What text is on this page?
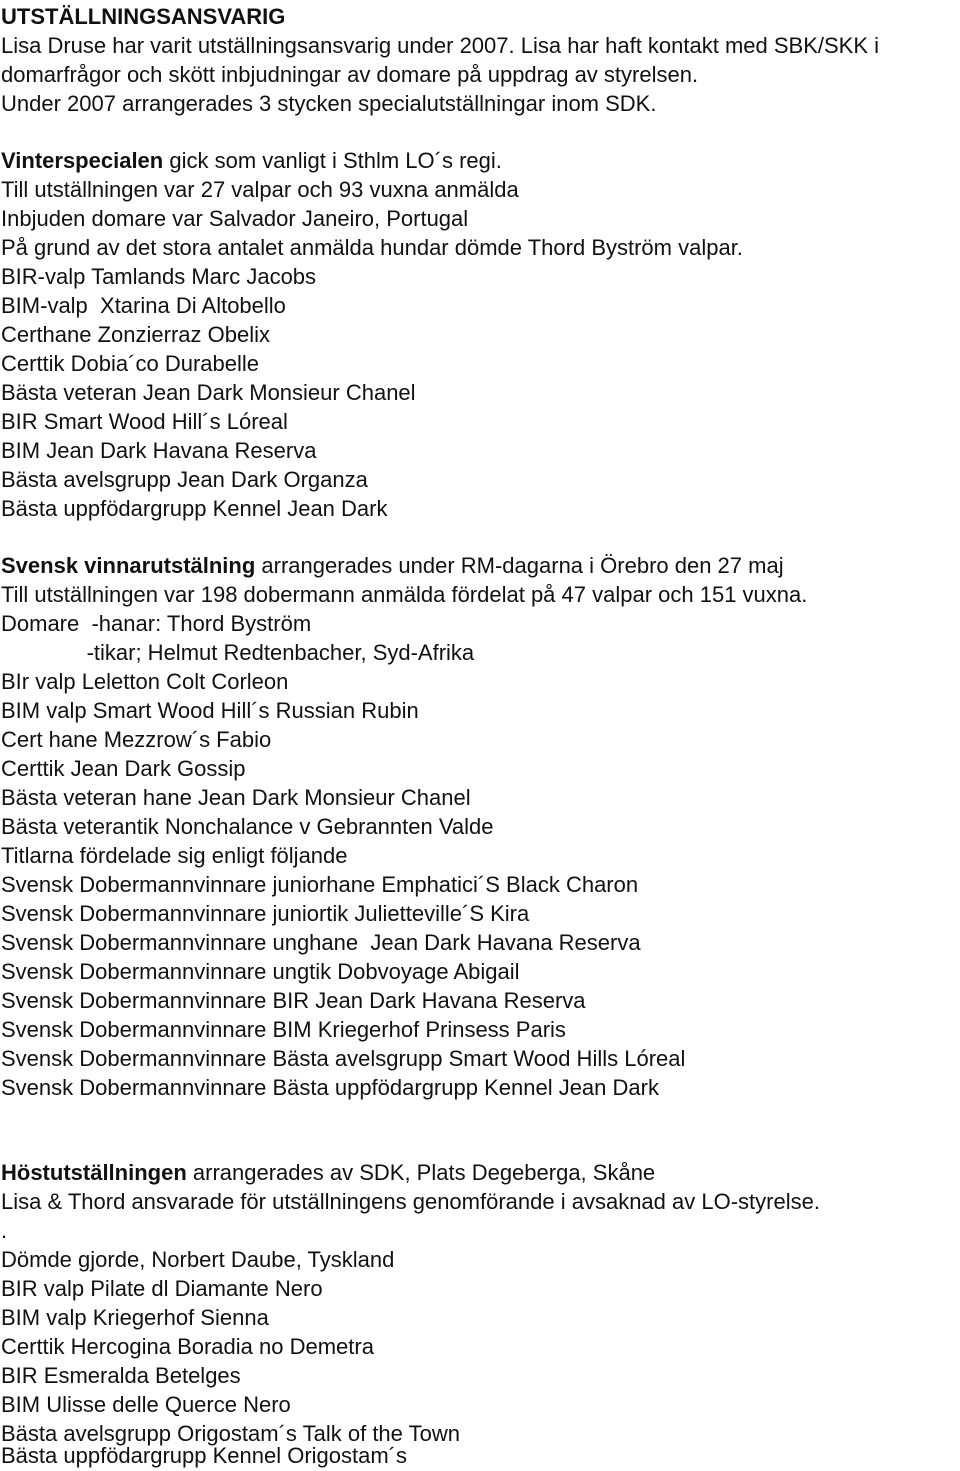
UTSTÄLLNINGSANSVARIG
Lisa Druse har varit utställningsansvarig under 2007. Lisa har haft kontakt med SBK/SKK i
domarfrågor och skött inbjudningar av domare på uppdrag av styrelsen.
Under 2007 arrangerades 3 stycken specialutställningar inom SDK.
Vinterspecialen gick som vanligt i Sthlm LO´s regi.
Till utställningen var 27 valpar och 93 vuxna anmälda
Inbjuden domare var Salvador Janeiro, Portugal
På grund av det stora antalet anmälda hundar dömde Thord Byström valpar.
BIR-valp Tamlands Marc Jacobs
BIM-valp  Xtarina Di Altobello
Certhane Zonzierraz Obelix
Certtik Dobia´co Durabelle
Bästa veteran Jean Dark Monsieur Chanel
BIR Smart Wood Hill´s Lóreal
BIM Jean Dark Havana Reserva
Bästa avelsgrupp Jean Dark Organza
Bästa uppfödargrupp Kennel Jean Dark
Svensk vinnarutstälning arrangerades under RM-dagarna i Örebro den 27 maj
Till utställningen var 198 dobermann anmälda fördelat på 47 valpar och 151 vuxna.
Domare  -hanar: Thord Byström
-tikar; Helmut Redtenbacher, Syd-Afrika
BIr valp Leletton Colt Corleon
BIM valp Smart Wood Hill´s Russian Rubin
Cert hane Mezzrow´s Fabio
Certtik Jean Dark Gossip
Bästa veteran hane Jean Dark Monsieur Chanel
Bästa veterantik Nonchalance v Gebrannten Valde
Titlarna fördelade sig enligt följande
Svensk Dobermannvinnare juniorhane Emphatici´S Black Charon
Svensk Dobermannvinnare juniortik Julietteville´S Kira
Svensk Dobermannvinnare unghane  Jean Dark Havana Reserva
Svensk Dobermannvinnare ungtik Dobvoyage Abigail
Svensk Dobermannvinnare BIR Jean Dark Havana Reserva
Svensk Dobermannvinnare BIM Kriegerhof Prinsess Paris
Svensk Dobermannvinnare Bästa avelsgrupp Smart Wood Hills Lóreal
Svensk Dobermannvinnare Bästa uppfödargrupp Kennel Jean Dark
Höstutställningen arrangerades av SDK, Plats Degeberga, Skåne
Lisa & Thord ansvarade för utställningens genomförande i avsaknad av LO-styrelse.
.
Dömde gjorde, Norbert Daube, Tyskland
BIR valp Pilate dl Diamante Nero
BIM valp Kriegerhof Sienna
Certtik Hercogina Boradia no Demetra
BIR Esmeralda Betelges
BIM Ulisse delle Querce Nero
Bästa avelsgrupp Origostam´s Talk of the Town
Bästa uppfödargrupp Kennel Origostam´s
